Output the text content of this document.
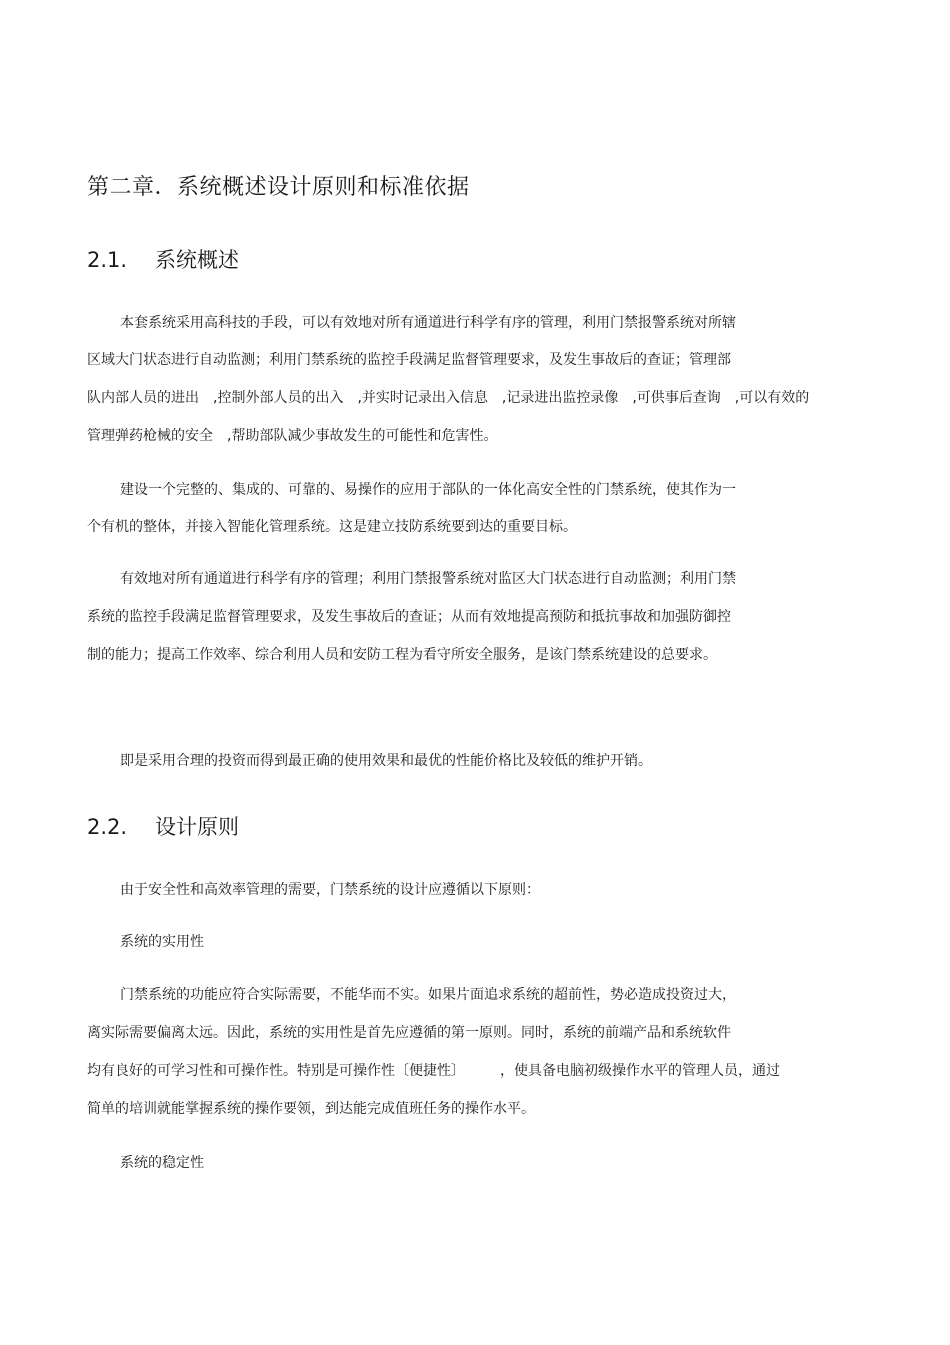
第二章．系统概述设计原则和标准依据
2.1. 系统概述
本套系统采用高科技的手段，可以有效地对所有通道进行科学有序的管理，利用门禁报警系统对所辖
区域大门状态进行自动监测；利用门禁系统的监控手段满足监督管理要求，及发生事故后的查证；管理部
队内部人员的进出　,控制外部人员的出入　,并实时记录出入信息　,记录进出监控录像　,可供事后查询　,可以有效的
管理弹药枪械的安全　,帮助部队减少事故发生的可能性和危害性。
建设一个完整的、集成的、可靠的、易操作的应用于部队的一体化高安全性的门禁系统，使其作为一
个有机的整体，并接入智能化管理系统。这是建立技防系统要到达的重要目标。
有效地对所有通道进行科学有序的管理；利用门禁报警系统对监区大门状态进行自动监测；利用门禁
系统的监控手段满足监督管理要求，及发生事故后的查证；从而有效地提高预防和抵抗事故和加强防御控
制的能力；提高工作效率、综合利用人员和安防工程为看守所安全服务，是该门禁系统建设的总要求。
即是采用合理的投资而得到最正确的使用效果和最优的性能价格比及较低的维护开销。
2.2. 设计原则
由于安全性和高效率管理的需要，门禁系统的设计应遵循以下原则：
系统的实用性
门禁系统的功能应符合实际需要，不能华而不实。如果片面追求系统的超前性，势必造成投资过大，
离实际需要偏离太远。因此，系统的实用性是首先应遵循的第一原则。同时，系统的前端产品和系统软件
均有良好的可学习性和可操作性。特别是可操作性〔便捷性〕　　　，使具备电脑初级操作水平的管理人员，通过
简单的培训就能掌握系统的操作要领，到达能完成值班任务的操作水平。
系统的稳定性
